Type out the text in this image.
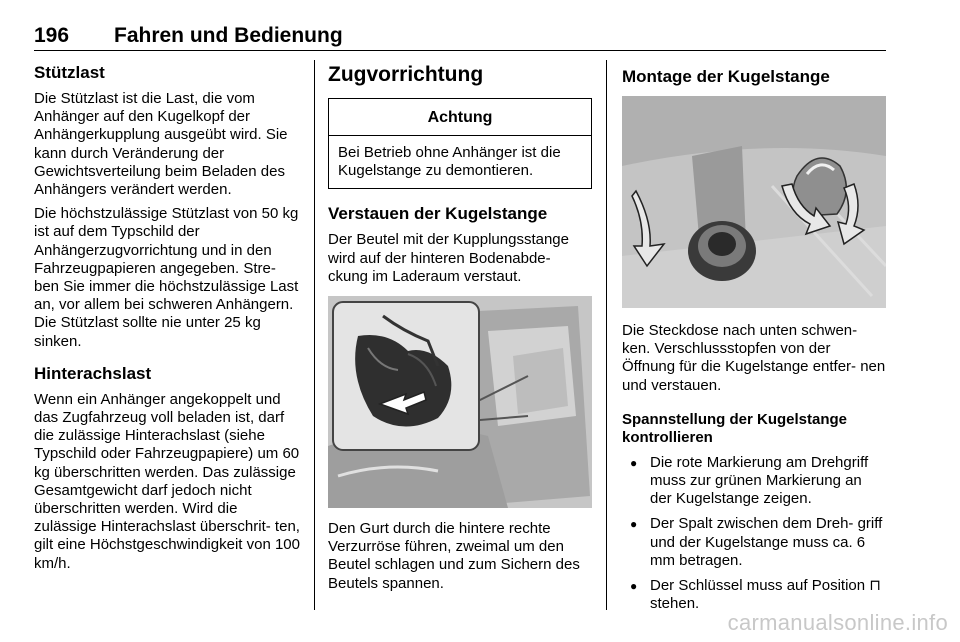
196 Fahren und Bedienung
Stützlast

Die Stützlast ist die Last, die vom Anhänger auf den Kugelkopf der Anhängerkupplung ausgeübt wird. Sie kann durch Veränderung der Gewichtsverteilung beim Beladen des Anhängers verändert werden.

Die höchstzulässige Stützlast von 50 kg ist auf dem Typschild der Anhängerzugvorrichtung und in den Fahrzeugpapieren angegeben. Stre- ben Sie immer die höchstzulässige Last an, vor allem bei schweren Anhängern. Die Stützlast sollte nie unter 25 kg sinken.

Hinterachslast

Wenn ein Anhänger angekoppelt und das Zugfahrzeug voll beladen ist, darf die zulässige Hinterachslast (siehe Typschild oder Fahrzeugpapiere) um 60 kg überschritten werden. Das zulässige Gesamtgewicht darf jedoch nicht überschritten werden. Wird die zulässige Hinterachslast überschrit- ten, gilt eine Höchstgeschwindigkeit von 100 km/h.

Zugvorrichtung
Achtung
Bei Betrieb ohne Anhänger ist die Kugelstange zu demontieren.
Verstauen der Kugelstange

Der Beutel mit der Kupplungsstange wird auf der hinteren Bodenabde- ckung im Laderaum verstaut.

Den Gurt durch die hintere rechte Verzurröse führen, zweimal um den Beutel schlagen und zum Sichern des Beutels spannen.

Montage der Kugelstange

Die Steckdose nach unten schwen- ken. Verschlussstopfen von der Öffnung für die Kugelstange entfer- nen und verstauen.

Spannstellung der Kugelstange kontrollieren
● Die rote Markierung am Drehgriff muss zur grünen Markierung an der Kugelstange zeigen.
● Der Spalt zwischen dem Dreh- griff und der Kugelstange muss ca. 6 mm betragen.
● Der Schlüssel muss auf Position ⊓ stehen.
carmanualsonline.info
